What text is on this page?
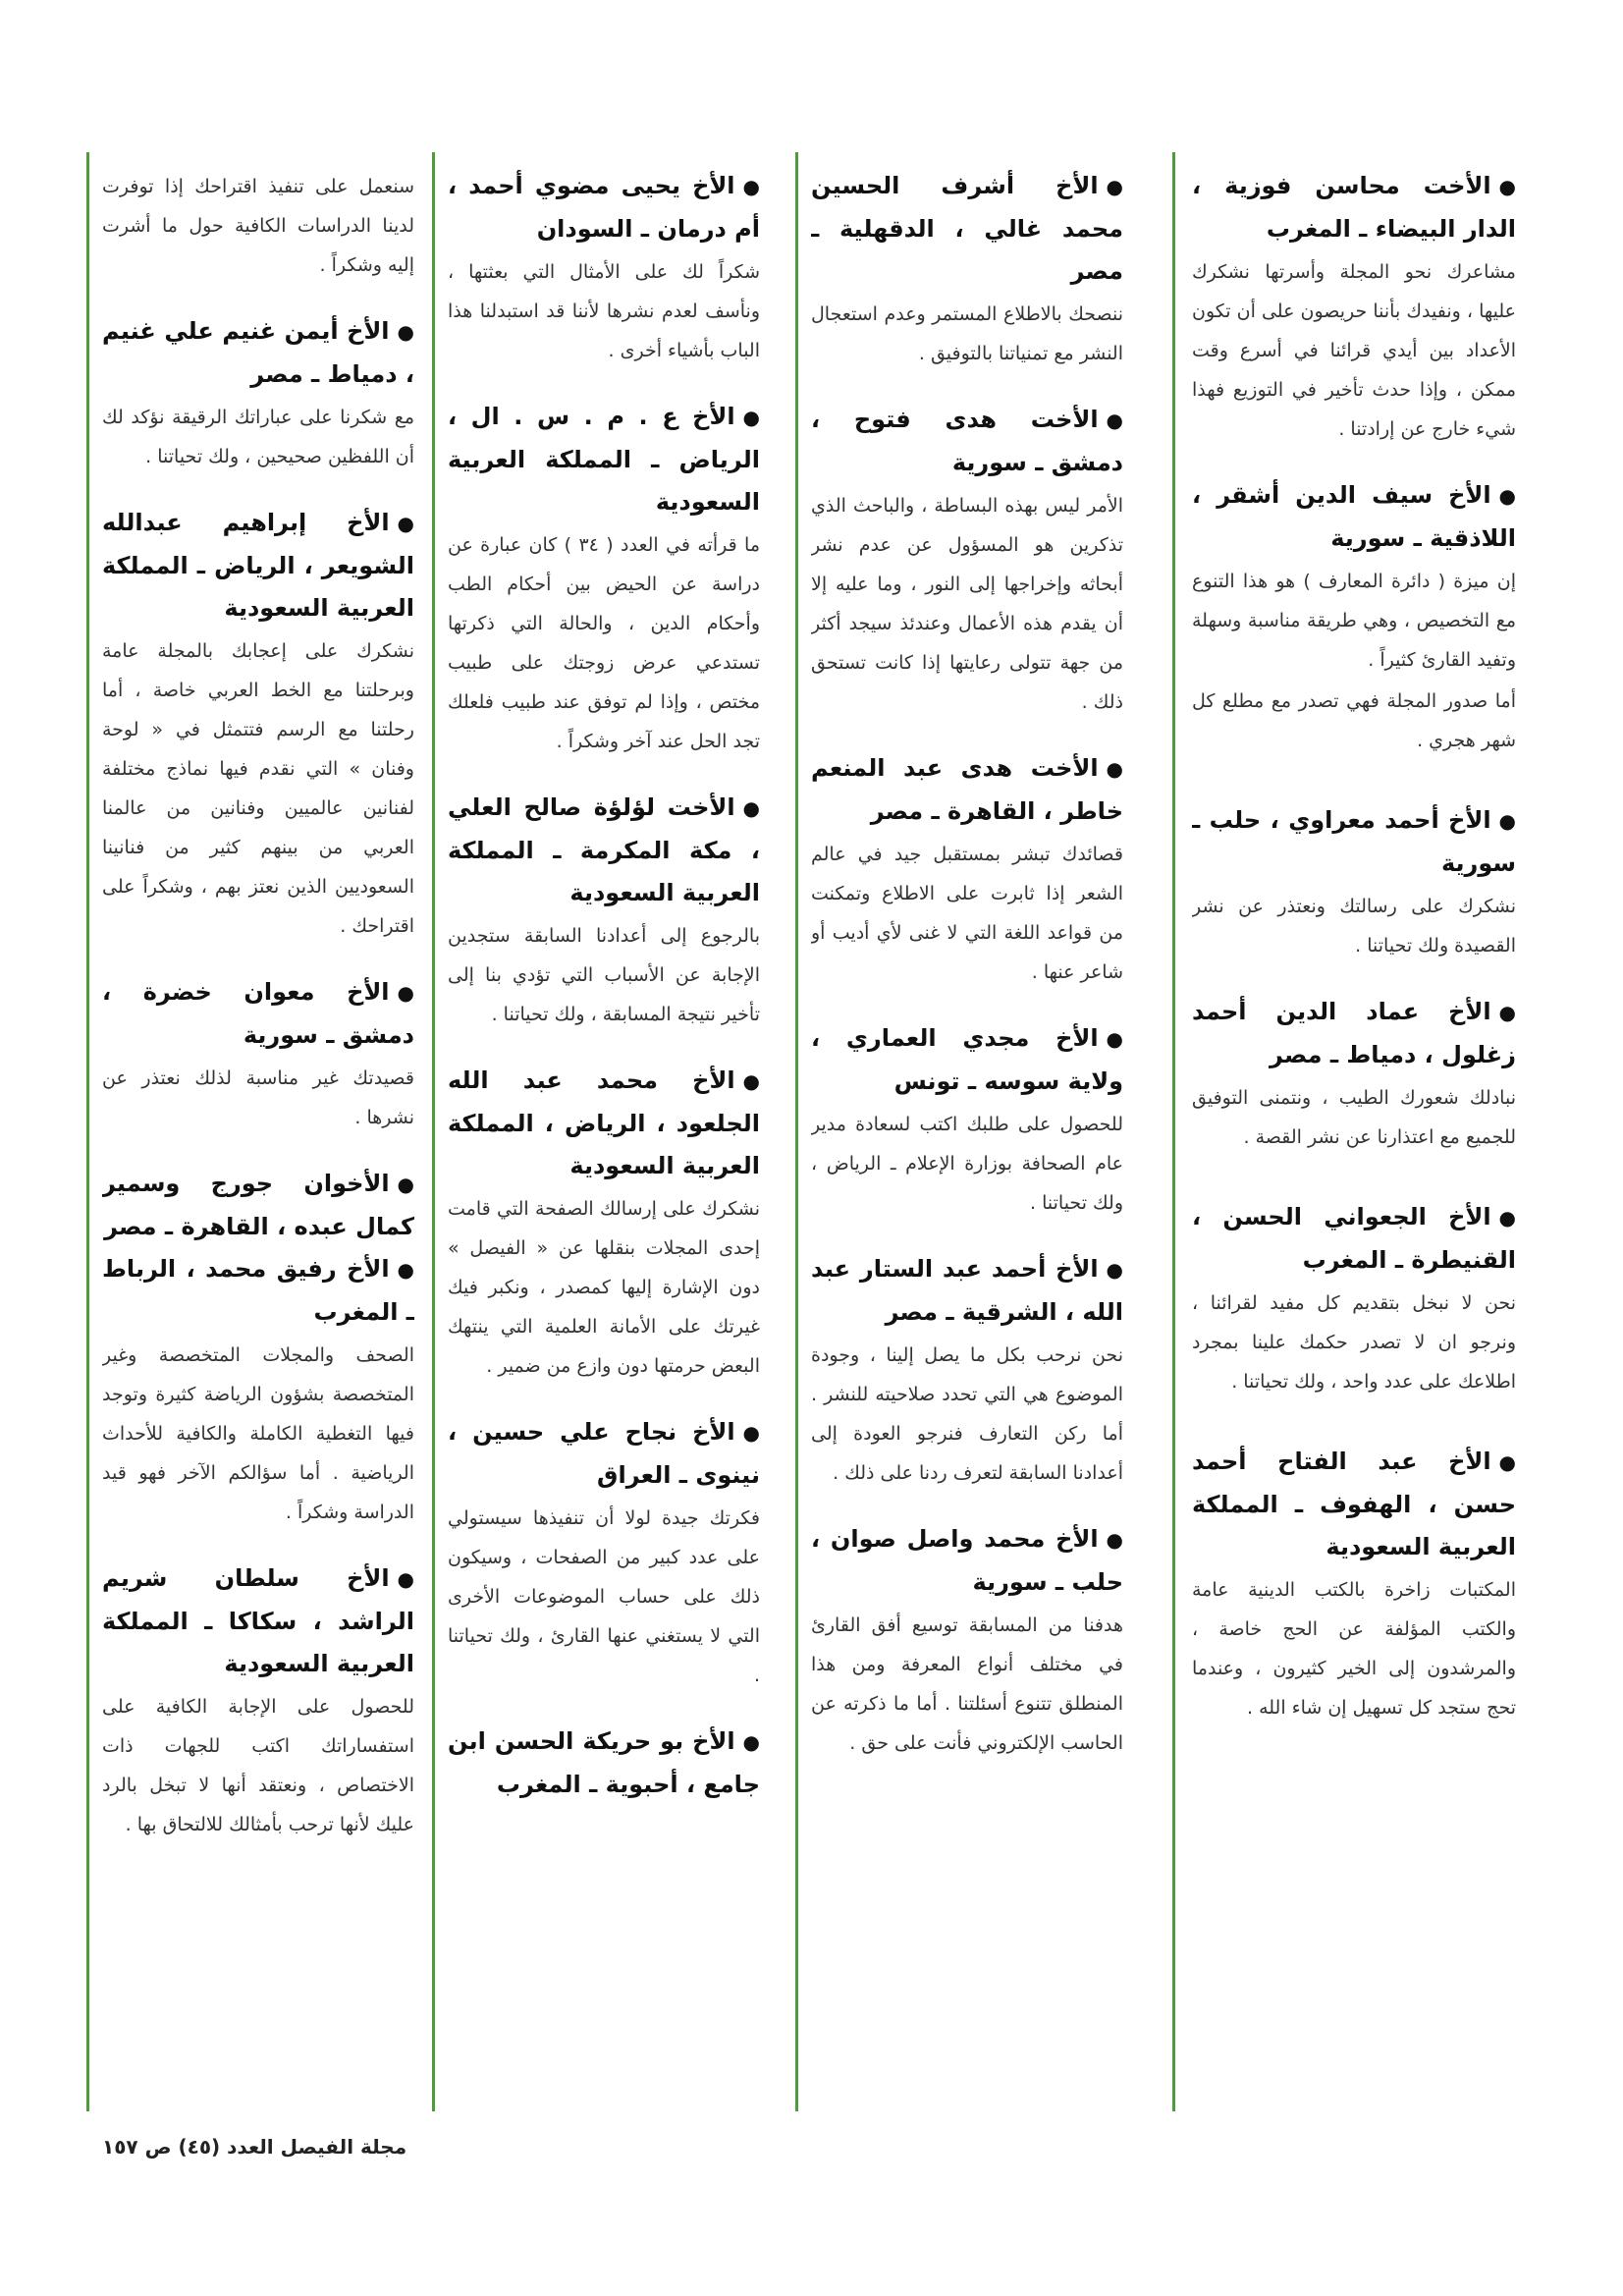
●الأخت محاسن فوزية ، الدار البيضاء ـ المغرب

مشاعرك نحو المجلة وأسرتها نشكرك عليها ، ونفيدك بأننا حريصون على أن تكون الأعداد بين أيدي قرائنا في أسرع وقت ممكن ، وإذا حدث تأخير في التوزيع فهذا شيء خارج عن إرادتنا .

●الأخ سيف الدين أشقر ، اللاذقية ـ سورية

إن ميزة ( دائرة المعارف ) هو هذا التنوع مع التخصيص ، وهي طريقة مناسبة وسهلة وتفيد القارئ كثيراً .

أما صدور المجلة فهي تصدر مع مطلع كل شهر هجري .

●الأخ أحمد معراوي ، حلب ـ سورية

نشكرك على رسالتك ونعتذر عن نشر القصيدة ولك تحياتنا .

●الأخ عماد الدين أحمد زغلول ، دمياط ـ مصر

نبادلك شعورك الطيب ، ونتمنى التوفيق للجميع مع اعتذارنا عن نشر القصة .

●الأخ الجعواني الحسن ، القنيطرة ـ المغرب

نحن لا نبخل بتقديم كل مفيد لقرائنا ، ونرجو ان لا تصدر حكمك علينا بمجرد اطلاعك على عدد واحد ، ولك تحياتنا .

●الأخ عبد الفتاح أحمد حسن ، الهفوف ـ المملكة العربية السعودية

المكتبات زاخرة بالكتب الدينية عامة والكتب المؤلفة عن الحج خاصة ، والمرشدون إلى الخير كثيرون ، وعندما تحج ستجد كل تسهيل إن شاء الله .

●الأخ أشرف الحسين محمد غالي ، الدقهلية ـ مصر

ننصحك بالاطلاع المستمر وعدم استعجال النشر مع تمنياتنا بالتوفيق .

●الأخت هدى فتوح ، دمشق ـ سورية

الأمر ليس بهذه البساطة ، والباحث الذي تذكرين هو المسؤول عن عدم نشر أبحاثه وإخراجها إلى النور ، وما عليه إلا أن يقدم هذه الأعمال وعندئذ سيجد أكثر من جهة تتولى رعايتها إذا كانت تستحق ذلك .

●الأخت هدى عبد المنعم خاطر ، القاهرة ـ مصر

قصائدك تبشر بمستقبل جيد في عالم الشعر إذا ثابرت على الاطلاع وتمكنت من قواعد اللغة التي لا غنى لأي أديب أو شاعر عنها .

●الأخ مجدي العماري ، ولاية سوسه ـ تونس

للحصول على طلبك اكتب لسعادة مدير عام الصحافة بوزارة الإعلام ـ الرياض ، ولك تحياتنا .

●الأخ أحمد عبد الستار عبد الله ، الشرقية ـ مصر

نحن نرحب بكل ما يصل إلينا ، وجودة الموضوع هي التي تحدد صلاحيته للنشر . أما ركن التعارف فنرجو العودة إلى أعدادنا السابقة لتعرف ردنا على ذلك .

●الأخ محمد واصل صوان ، حلب ـ سورية

هدفنا من المسابقة توسيع أفق القارئ في مختلف أنواع المعرفة ومن هذا المنطلق تتنوع أسئلتنا . أما ما ذكرته عن الحاسب الإلكتروني فأنت على حق .

●الأخ يحيى مضوي أحمد ، أم درمان ـ السودان

شكراً لك على الأمثال التي بعثتها ، ونأسف لعدم نشرها لأننا قد استبدلنا هذا الباب بأشياء أخرى .

●الأخ ع . م . س . ال ، الرياض ـ المملكة العربية السعودية

ما قرأته في العدد ( ٣٤ ) كان عبارة عن دراسة عن الحيض بين أحكام الطب وأحكام الدين ، والحالة التي ذكرتها تستدعي عرض زوجتك على طبيب مختص ، وإذا لم توفق عند طبيب فلعلك تجد الحل عند آخر وشكراً .

●الأخت لؤلؤة صالح العلي ، مكة المكرمة ـ المملكة العربية السعودية

بالرجوع إلى أعدادنا السابقة ستجدين الإجابة عن الأسباب التي تؤدي بنا إلى تأخير نتيجة المسابقة ، ولك تحياتنا .

●الأخ محمد عبد الله الجلعود ، الرياض ، المملكة العربية السعودية

نشكرك على إرسالك الصفحة التي قامت إحدى المجلات بنقلها عن « الفيصل » دون الإشارة إليها كمصدر ، ونكبر فيك غيرتك على الأمانة العلمية التي ينتهك البعض حرمتها دون وازع من ضمير .

●الأخ نجاح علي حسين ، نينوى ـ العراق

فكرتك جيدة لولا أن تنفيذها سيستولي على عدد كبير من الصفحات ، وسيكون ذلك على حساب الموضوعات الأخرى التي لا يستغني عنها القارئ ، ولك تحياتنا .

●الأخ بو حريكة الحسن ابن جامع ، أحبوية ـ المغرب

سنعمل على تنفيذ اقتراحك إذا توفرت لدينا الدراسات الكافية حول ما أشرت إليه وشكراً .

●الأخ أيمن غنيم علي غنيم ، دمياط ـ مصر

مع شكرنا على عباراتك الرقيقة نؤكد لك أن اللفظين صحيحين ، ولك تحياتنا .

●الأخ إبراهيم عبدالله الشويعر ، الرياض ـ المملكة العربية السعودية

نشكرك على إعجابك بالمجلة عامة وبرحلتنا مع الخط العربي خاصة ، أما رحلتنا مع الرسم فتتمثل في « لوحة وفنان » التي نقدم فيها نماذج مختلفة لفنانين عالميين وفنانين من عالمنا العربي من بينهم كثير من فنانينا السعوديين الذين نعتز بهم ، وشكراً على اقتراحك .

●الأخ معوان خضرة ، دمشق ـ سورية

قصيدتك غير مناسبة لذلك نعتذر عن نشرها .

●الأخوان جورج وسمير كمال عبده ، القاهرة ـ مصر

●الأخ رفيق محمد ، الرباط ـ المغرب

الصحف والمجلات المتخصصة وغير المتخصصة بشؤون الرياضة كثيرة وتوجد فيها التغطية الكاملة والكافية للأحداث الرياضية . أما سؤالكم الآخر فهو قيد الدراسة وشكراً .

●الأخ سلطان شريم الراشد ، سكاكا ـ المملكة العربية السعودية

للحصول على الإجابة الكافية على استفساراتك اكتب للجهات ذات الاختصاص ، ونعتقد أنها لا تبخل بالرد عليك لأنها ترحب بأمثالك للالتحاق بها .

مجلة الفيصل العدد (٤٥) ص ١٥٧
